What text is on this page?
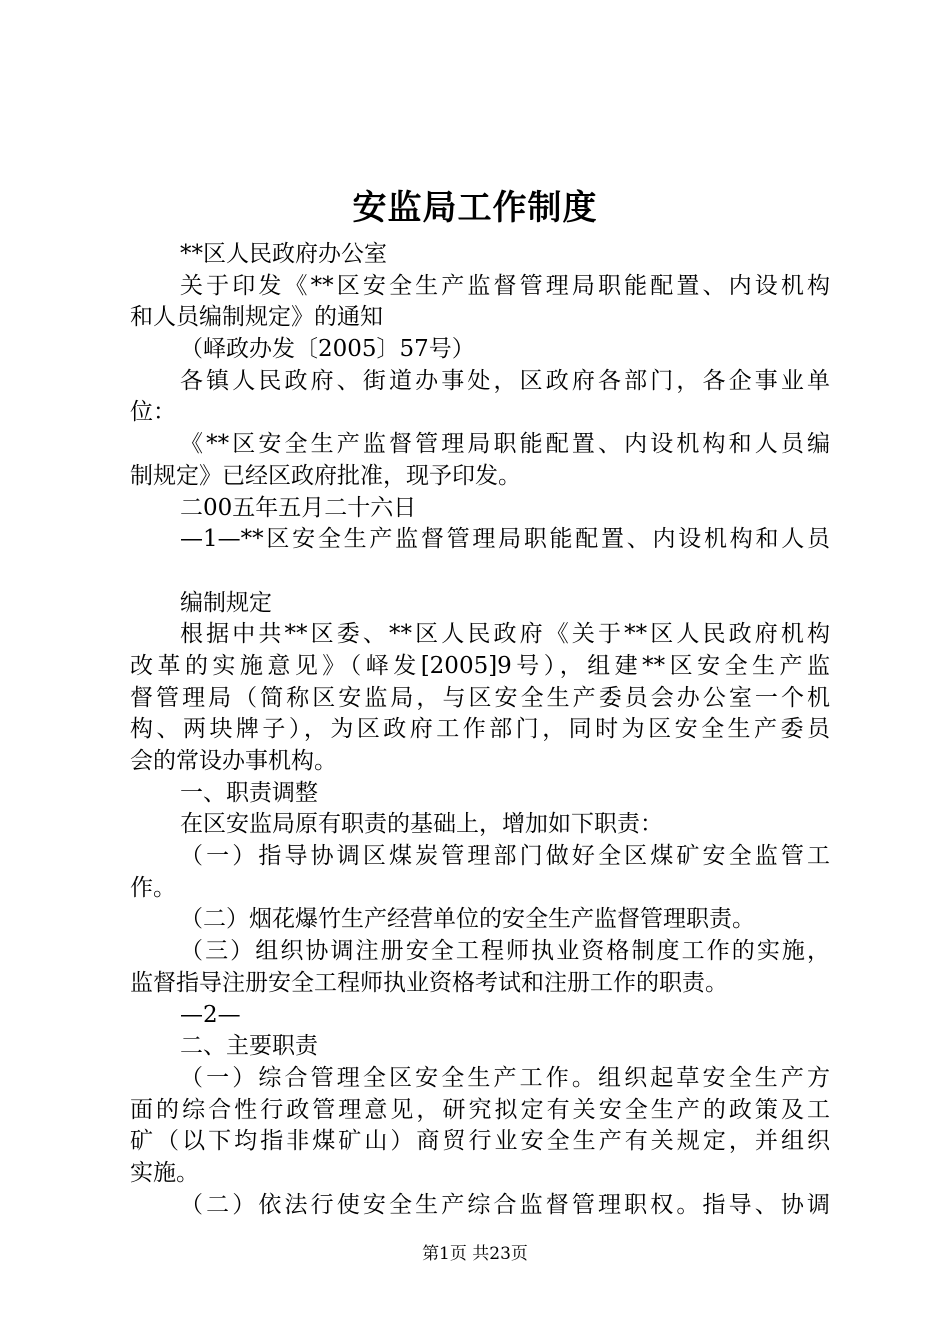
安监局工作制度
**区人民政府办公室
关于印发《**区安全生产监督管理局职能配置、内设机构
和人员编制规定》的通知
（峄政办发〔2005〕57号）
各镇人民政府、街道办事处，区政府各部门，各企事业单
位：
《**区安全生产监督管理局职能配置、内设机构和人员编
制规定》已经区政府批准，现予印发。
二00五年五月二十六日
—1—**区安全生产监督管理局职能配置、内设机构和人员
编制规定
根据中共**区委、**区人民政府《关于**区人民政府机构
改革的实施意见》（峄发[2005]9号），组建**区安全生产监
督管理局（简称区安监局，与区安全生产委员会办公室一个机
构、两块牌子），为区政府工作部门，同时为区安全生产委员
会的常设办事机构。
一、职责调整
在区安监局原有职责的基础上，增加如下职责：
（一）指导协调区煤炭管理部门做好全区煤矿安全监管工
作。
（二）烟花爆竹生产经营单位的安全生产监督管理职责。
（三）组织协调注册安全工程师执业资格制度工作的实施，
监督指导注册安全工程师执业资格考试和注册工作的职责。
—2—
二、主要职责
（一）综合管理全区安全生产工作。组织起草安全生产方
面的综合性行政管理意见，研究拟定有关安全生产的政策及工
矿（以下均指非煤矿山）商贸行业安全生产有关规定，并组织
实施。
（二）依法行使安全生产综合监督管理职权。指导、协调
第1页 共23页
